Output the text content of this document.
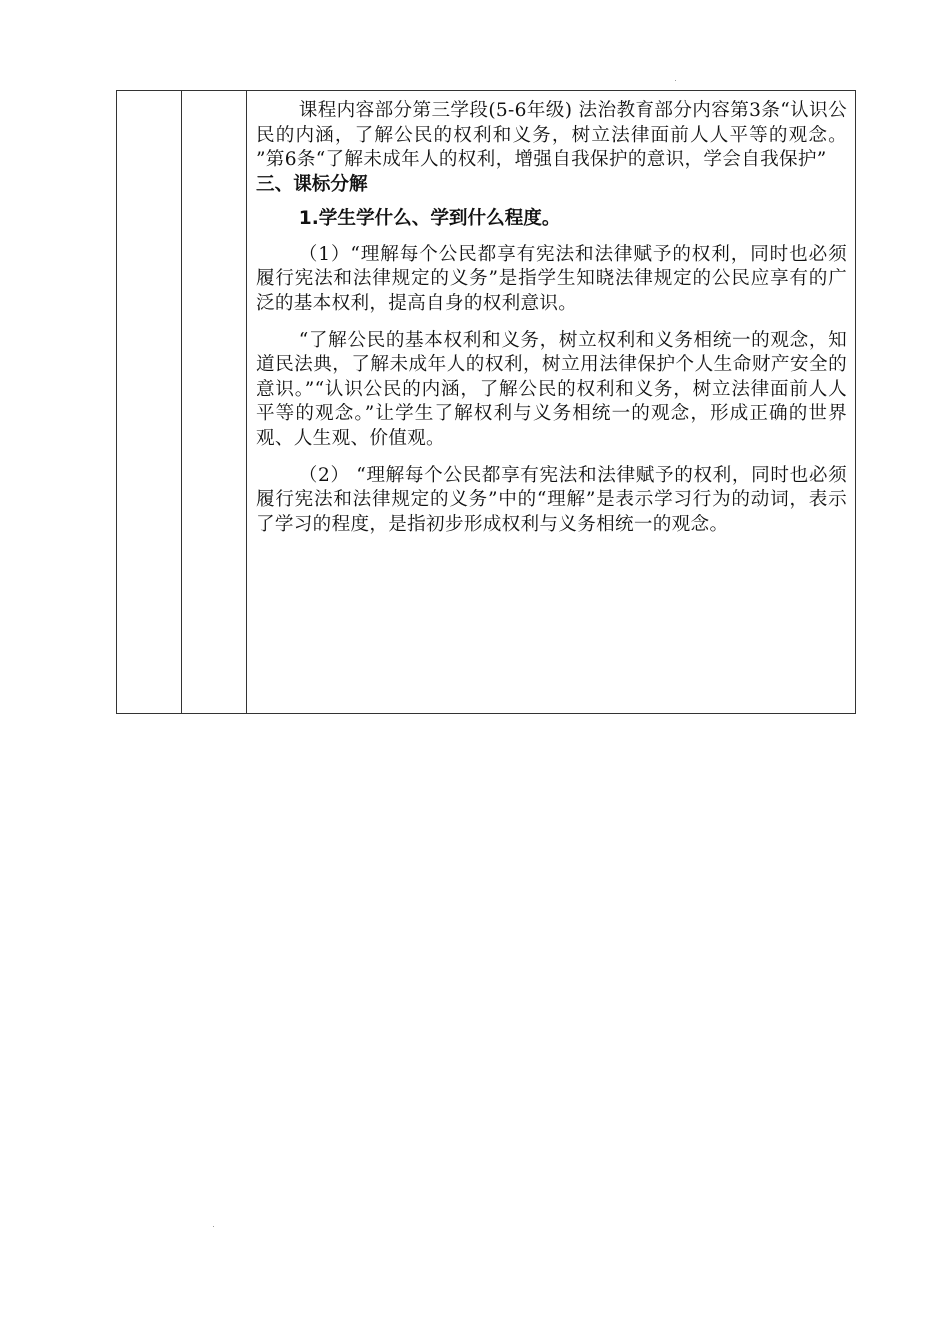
课程内容部分第三学段(5-6年级) 法治教育部分内容第3条“认识公民的内涵，了解公民的权利和义务，树立法律面前人人平等的观念。 ”第6条“了解未成年人的权利，增强自我保护的意识，学会自我保护”

三、课标分解

1.学生学什么、学到什么程度。

（1）“理解每个公民都享有宪法和法律赋予的权利，同时也必须履行宪法和法律规定的义务”是指学生知晓法律规定的公民应享有的广泛的基本权利，提高自身的权利意识。

“了解公民的基本权利和义务，树立权利和义务相统一的观念，知道民法典，了解未成年人的权利，树立用法律保护个人生命财产安全的意识。”“认识公民的内涵，了解公民的权利和义务，树立法律面前人人平等的观念。”让学生了解权利与义务相统一的观念，形成正确的世界观、人生观、价值观。

（2） “理解每个公民都享有宪法和法律赋予的权利，同时也必须履行宪法和法律规定的义务”中的“理解”是表示学习行为的动词，表示了学习的程度，是指初步形成权利与义务相统一的观念。
